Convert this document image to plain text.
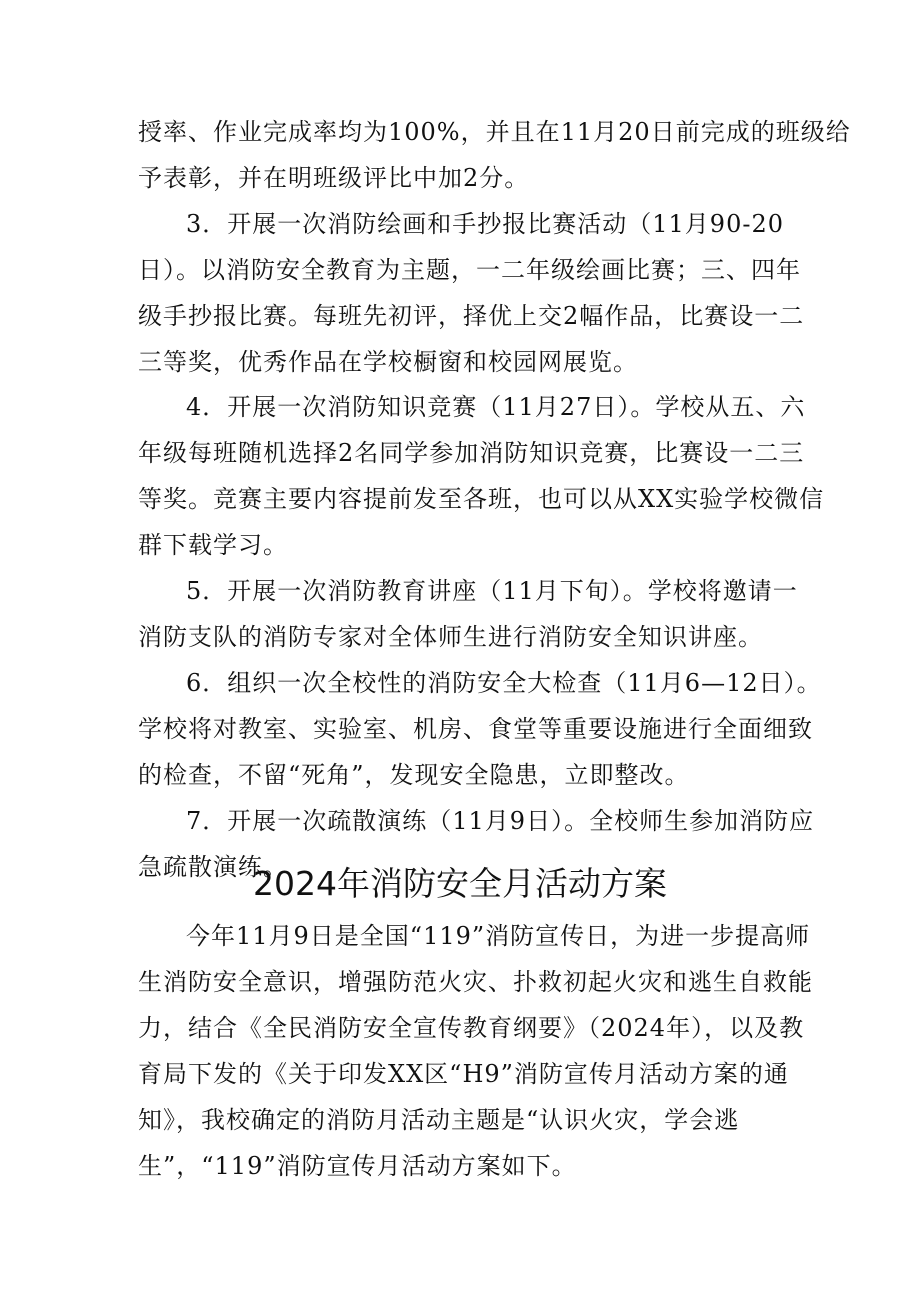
授率、作业完成率均为100%，并且在11月20日前完成的班级给
予表彰，并在明班级评比中加2分。
3．开展一次消防绘画和手抄报比赛活动（11月90-20
日）。以消防安全教育为主题，一二年级绘画比赛；三、四年
级手抄报比赛。每班先初评，择优上交2幅作品，比赛设一二
三等奖，优秀作品在学校橱窗和校园网展览。
4．开展一次消防知识竞赛（11月27日）。学校从五、六
年级每班随机选择2名同学参加消防知识竞赛，比赛设一二三
等奖。竞赛主要内容提前发至各班，也可以从XX实验学校微信
群下载学习。
5．开展一次消防教育讲座（11月下旬）。学校将邀请一
消防支队的消防专家对全体师生进行消防安全知识讲座。
6．组织一次全校性的消防安全大检查（11月6—12日）。
学校将对教室、实验室、机房、食堂等重要设施进行全面细致
的检查，不留“死角”，发现安全隐患，立即整改。
7．开展一次疏散演练（11月9日）。全校师生参加消防应
急疏散演练。
2024年消防安全月活动方案
今年11月9日是全国“119”消防宣传日，为进一步提高师
生消防安全意识，增强防范火灾、扑救初起火灾和逃生自救能
力，结合《全民消防安全宣传教育纲要》（2024年），以及教
育局下发的《关于印发XX区“H9”消防宣传月活动方案的通
知》，我校确定的消防月活动主题是“认识火灾，学会逃
生”，“119”消防宣传月活动方案如下。
